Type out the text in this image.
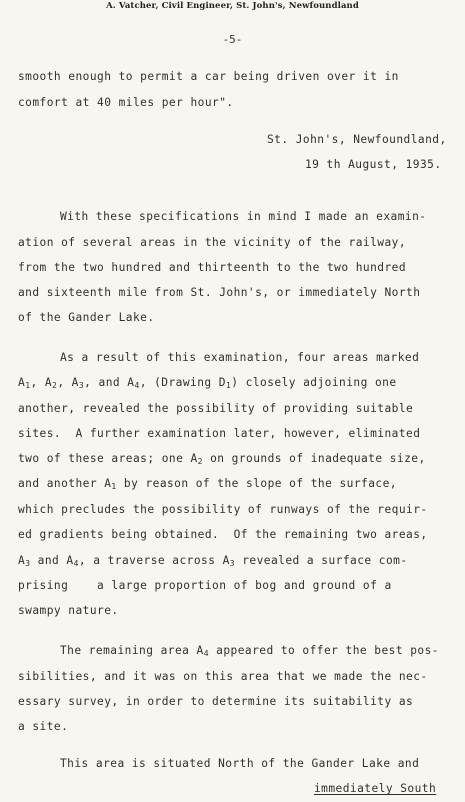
A. Vatcher, Civil Engineer, St. John's, Newfoundland
-5-
smooth enough to permit a car being driven over it in
comfort at 40 miles per hour".
St. John's, Newfoundland,
19 th August, 1935.
With these specifications in mind I made an examin-
ation of several areas in the vicinity of the railway,
from the two hundred and thirteenth to the two hundred
and sixteenth mile from St. John's, or immediately North
of the Gander Lake.
As a result of this examination, four areas marked
$A_1$, $A_2$, $A_3$, and $A_4$, (Drawing $D_1$) closely adjoining one
another, revealed the possibility of providing suitable
sites.  A further examination later, however, eliminated
two of these areas; one $A_2$ on grounds of inadequate size,
and another $A_1$ by reason of the slope of the surface,
which precludes the possibility of runways of the requir-
ed gradients being obtained.  Of the remaining two areas,
$A_3$ and $A_4$, a traverse across $A_3$ revealed a surface com-
prising    a large proportion of bog and ground of a
swampy nature.
The remaining area $A_4$ appeared to offer the best pos-
sibilities, and it was on this area that we made the nec-
essary survey, in order to determine its suitability as
a site.
This area is situated North of the Gander Lake and
immediately South
